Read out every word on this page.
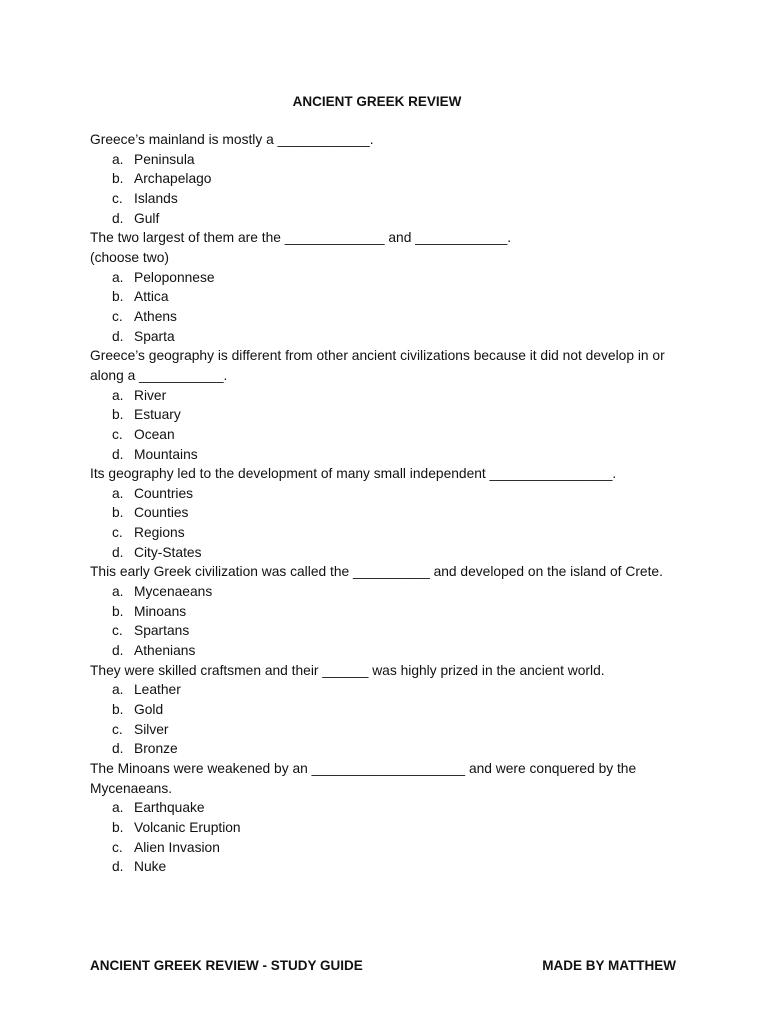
ANCIENT GREEK REVIEW
Greece’s mainland is mostly a ____________.
a. Peninsula
b. Archapelago
c. Islands
d. Gulf
The two largest of them are the _____________ and ____________.
(choose two)
a. Peloponnese
b. Attica
c. Athens
d. Sparta
Greece’s geography is different from other ancient civilizations because it did not develop in or
along a ___________.
a. River
b. Estuary
c. Ocean
d. Mountains
Its geography led to the development of many small independent ________________.
a. Countries
b. Counties
c. Regions
d. City-States
This early Greek civilization was called the __________ and developed on the island of Crete.
a. Mycenaeans
b. Minoans
c. Spartans
d. Athenians
They were skilled craftsmen and their ______ was highly prized in the ancient world.
a. Leather
b. Gold
c. Silver
d. Bronze
The Minoans were weakened by an ____________________ and were conquered by the
Mycenaeans.
a. Earthquake
b. Volcanic Eruption
c. Alien Invasion
d. Nuke
ANCIENT GREEK REVIEW - STUDY GUIDE	MADE BY MATTHEW
